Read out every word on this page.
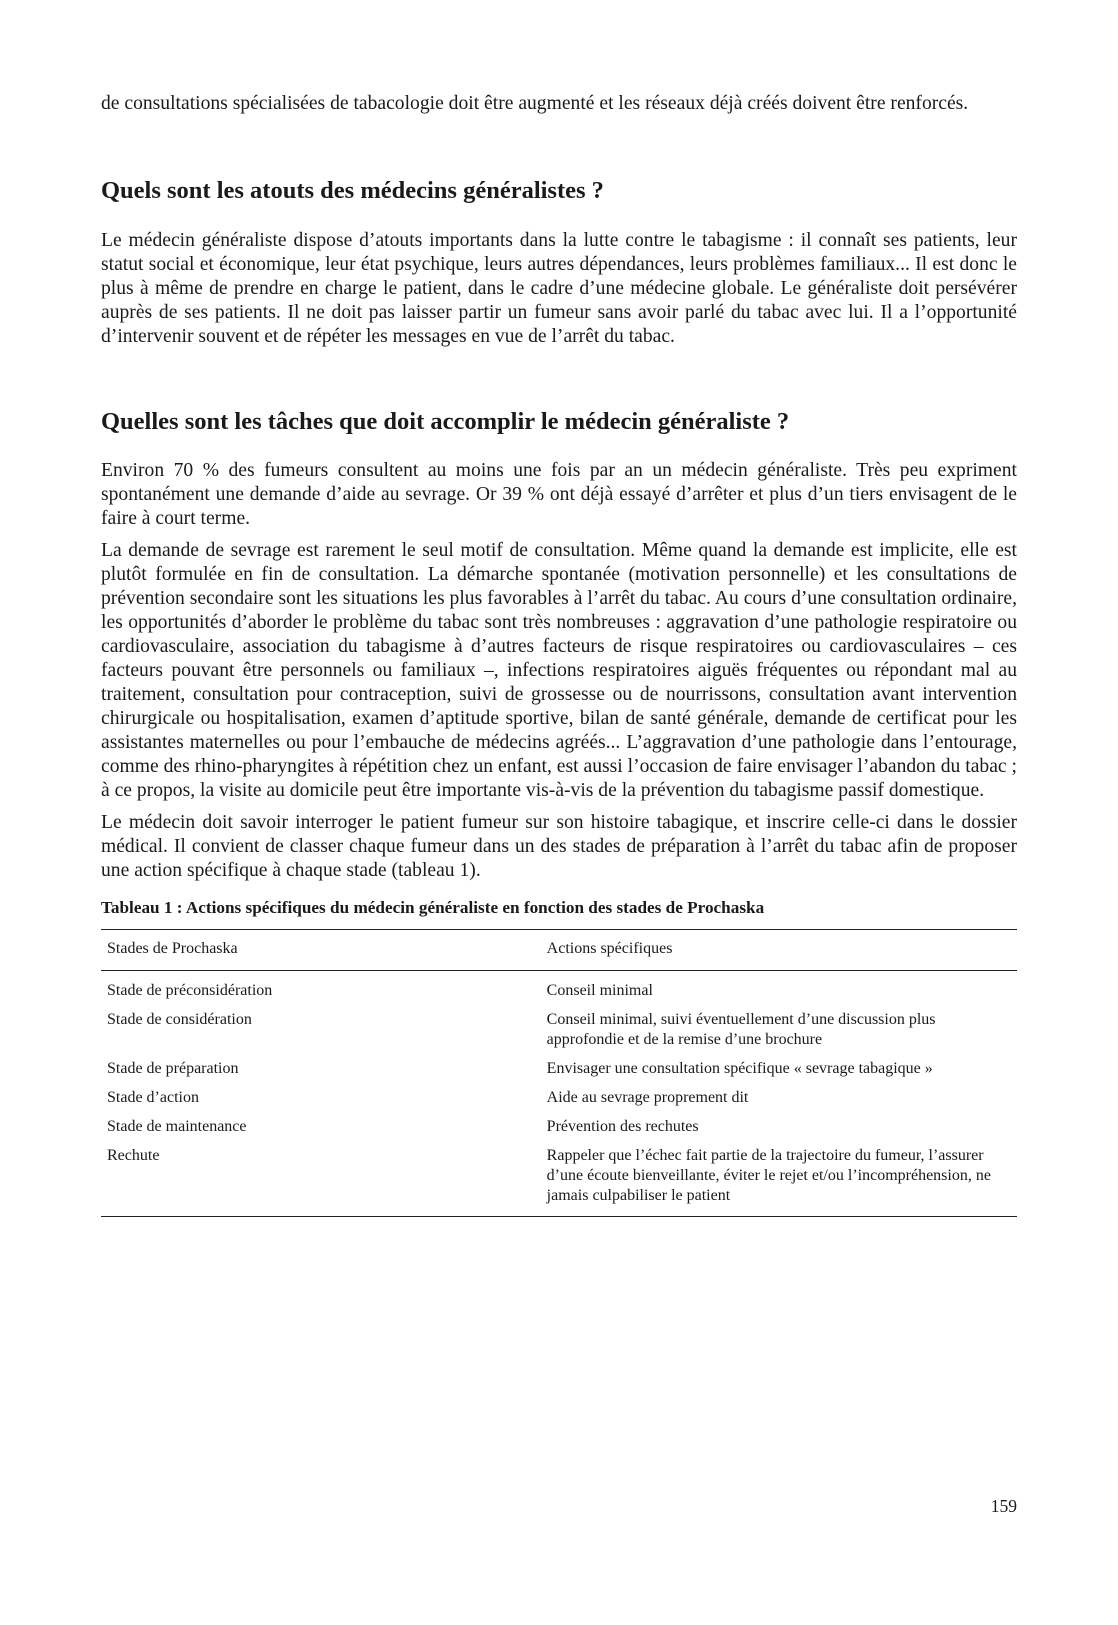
de consultations spécialisées de tabacologie doit être augmenté et les réseaux déjà créés doivent être renforcés.

Quels sont les atouts des médecins généralistes ?

Le médecin généraliste dispose d’atouts importants dans la lutte contre le tabagisme : il connaît ses patients, leur statut social et économique, leur état psychique, leurs autres dépendances, leurs problèmes familiaux... Il est donc le plus à même de prendre en charge le patient, dans le cadre d’une médecine globale. Le généraliste doit persévérer auprès de ses patients. Il ne doit pas laisser partir un fumeur sans avoir parlé du tabac avec lui. Il a l’opportunité d’intervenir souvent et de répéter les messages en vue de l’arrêt du tabac.

Quelles sont les tâches que doit accomplir le médecin généraliste ?

Environ 70 % des fumeurs consultent au moins une fois par an un médecin généraliste. Très peu expriment spontanément une demande d’aide au sevrage. Or 39 % ont déjà essayé d’arrêter et plus d’un tiers envisagent de le faire à court terme.

La demande de sevrage est rarement le seul motif de consultation. Même quand la demande est implicite, elle est plutôt formulée en fin de consultation. La démarche spontanée (motivation personnelle) et les consultations de prévention secondaire sont les situations les plus favorables à l’arrêt du tabac. Au cours d’une consultation ordinaire, les opportunités d’aborder le problème du tabac sont très nombreuses : aggravation d’une pathologie respiratoire ou cardiovasculaire, association du tabagisme à d’autres facteurs de risque respiratoires ou cardiovasculaires – ces facteurs pouvant être personnels ou familiaux –, infections respiratoires aiguës fréquentes ou répondant mal au traitement, consultation pour contraception, suivi de grossesse ou de nourrissons, consultation avant intervention chirurgicale ou hospitalisation, examen d’aptitude sportive, bilan de santé générale, demande de certificat pour les assistantes maternelles ou pour l’embauche de médecins agréés... L’aggravation d’une pathologie dans l’entourage, comme des rhino-pharyngites à répétition chez un enfant, est aussi l’occasion de faire envisager l’abandon du tabac ; à ce propos, la visite au domicile peut être importante vis-à-vis de la prévention du tabagisme passif domestique.

Le médecin doit savoir interroger le patient fumeur sur son histoire tabagique, et inscrire celle-ci dans le dossier médical. Il convient de classer chaque fumeur dans un des stades de préparation à l’arrêt du tabac afin de proposer une action spécifique à chaque stade (tableau 1).

Tableau 1 : Actions spécifiques du médecin généraliste en fonction des stades de Prochaska
Stades de Prochaska	Actions spécifiques
Stade de préconsidération	Conseil minimal
Stade de considération	Conseil minimal, suivi éventuellement d’une discussion plus approfondie et de la remise d’une brochure
Stade de préparation	Envisager une consultation spécifique « sevrage tabagique »
Stade d’action	Aide au sevrage proprement dit
Stade de maintenance	Prévention des rechutes
Rechute	Rappeler que l’échec fait partie de la trajectoire du fumeur, l’assurer d’une écoute bienveillante, éviter le rejet et/ou l’incompréhension, ne jamais culpabiliser le patient
159
